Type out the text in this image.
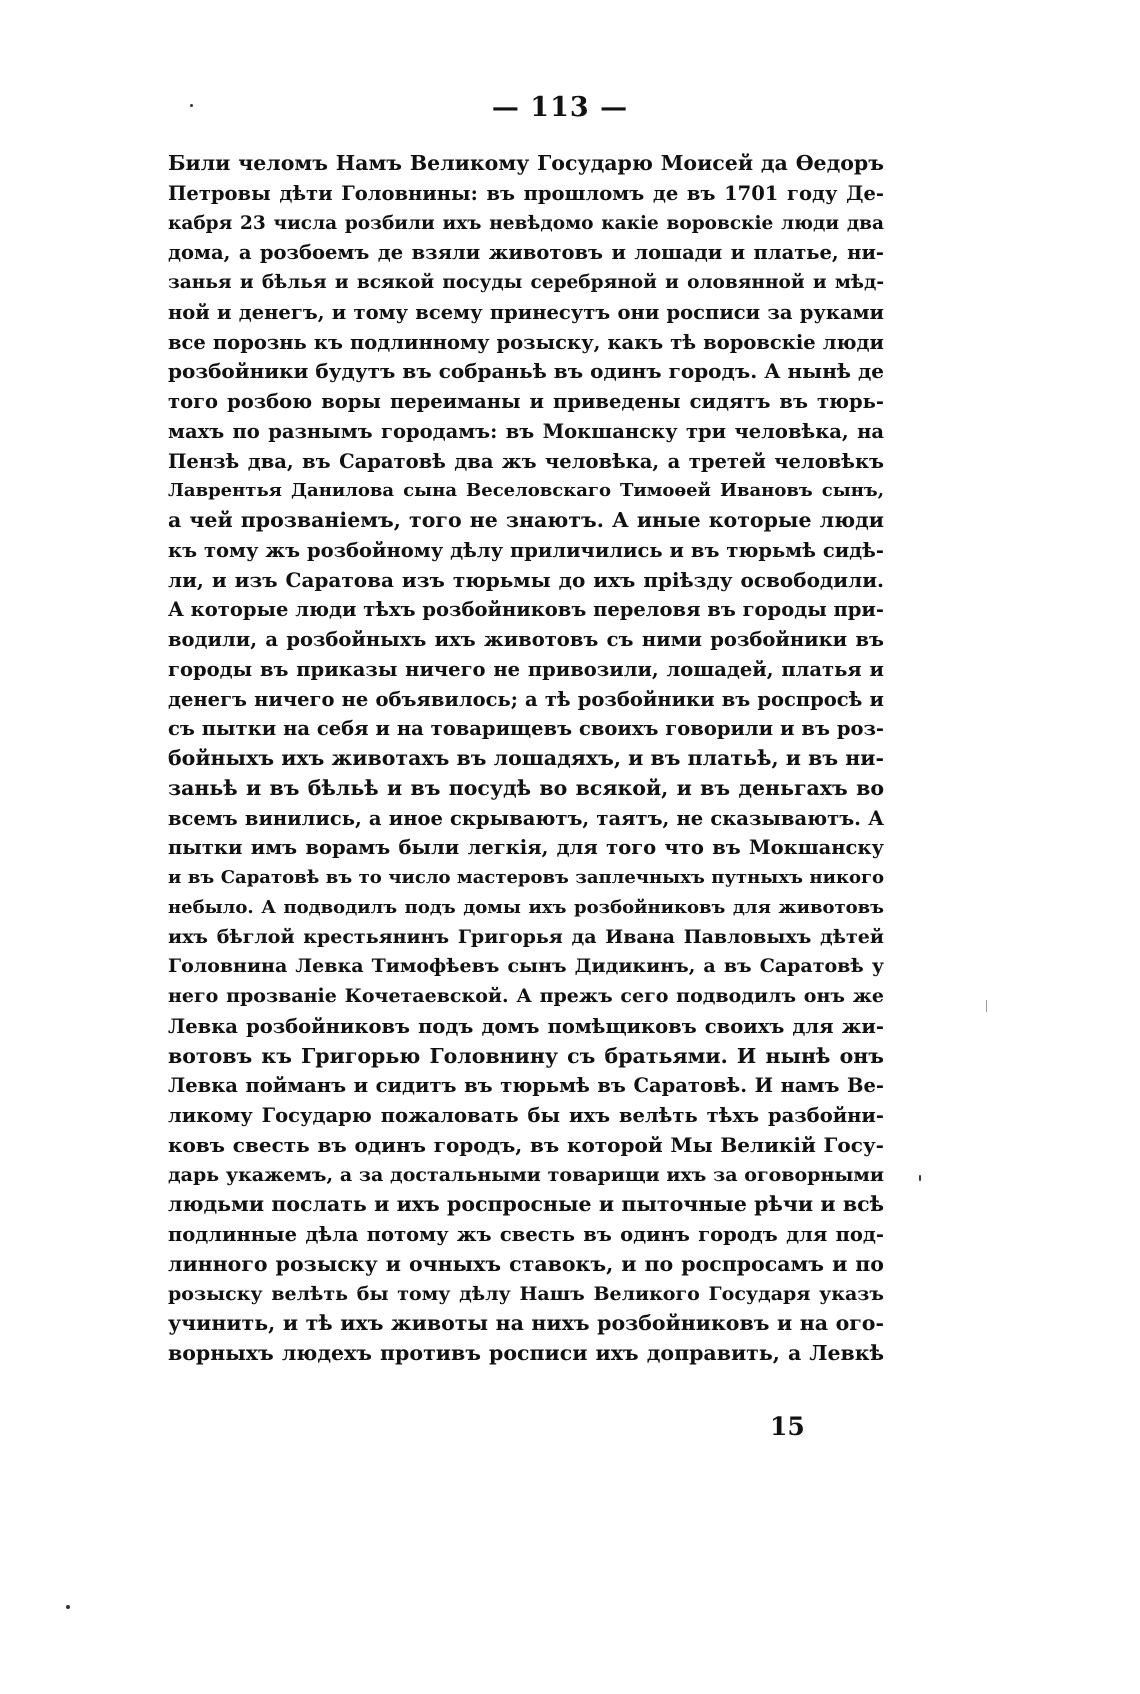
— 113 —
Били челомъ Намъ Великому Государю Моисей да Ѳедоръ
Петровы дѣти Головнины: въ прошломъ де въ 1701 году Де-
кабря 23 числа розбили ихъ невѣдомо какіе воровскіе люди два
дома, а розбоемъ де взяли животовъ и лошади и платье, ни-
занья и бѣлья и всякой посуды серебряной и оловянной и мѣд-
ной и денегъ, и тому всему принесутъ они росписи за руками
все порознь къ подлинному розыску, какъ тѣ воровскіе люди
розбойники будутъ въ собраньѣ въ одинъ городъ. А нынѣ де
того розбою воры переиманы и приведены сидятъ въ тюрь-
махъ по разнымъ городамъ: въ Мокшанску три человѣка, на
Пензѣ два, въ Саратовѣ два жъ человѣка, а третей человѣкъ
Лаврентья Данилова сына Веселовскаго Тимоѳей Ивановъ сынъ,
а чей прозваніемъ, того не знаютъ. А иные которые люди
къ тому жъ розбойному дѣлу приличились и въ тюрьмѣ сидѣ-
ли, и изъ Саратова изъ тюрьмы до ихъ пріѣзду освободили.
А которые люди тѣхъ розбойниковъ переловя въ городы при-
водили, а розбойныхъ ихъ животовъ съ ними розбойники въ
городы въ приказы ничего не привозили, лошадей, платья и
денегъ ничего не объявилось; а тѣ розбойники въ роспросѣ и
съ пытки на себя и на товарищевъ своихъ говорили и въ роз-
бойныхъ ихъ животахъ въ лошадяхъ, и въ платьѣ, и въ ни-
заньѣ и въ бѣльѣ и въ посудѣ во всякой, и въ деньгахъ во
всемъ винились, а иное скрываютъ, таятъ, не сказываютъ. А
пытки имъ ворамъ были легкія, для того что въ Мокшанску
и въ Саратовѣ въ то число мастеровъ заплечныхъ путныхъ никого
небыло. А подводилъ подъ домы ихъ розбойниковъ для животовъ
ихъ бѣглой крестьянинъ Григорья да Ивана Павловыхъ дѣтей
Головнина Левка Тимофѣевъ сынъ Дидикинъ, а въ Саратовѣ у
него прозваніе Кочетаевской. А прежъ сего подводилъ онъ же
Левка розбойниковъ подъ домъ помѣщиковъ своихъ для жи-
вотовъ къ Григорью Головнину съ братьями. И нынѣ онъ
Левка пойманъ и сидитъ въ тюрьмѣ въ Саратовѣ. И намъ Ве-
ликому Государю пожаловать бы ихъ велѣть тѣхъ разбойни-
ковъ свесть въ одинъ городъ, въ которой Мы Великій Госу-
дарь укажемъ, а за достальными товарищи ихъ за оговорными
людьми послать и ихъ роспросные и пыточные рѣчи и всѣ
подлинные дѣла потому жъ свесть въ одинъ городъ для под-
линного розыску и очныхъ ставокъ, и по роспросамъ и по
розыску велѣть бы тому дѣлу Нашъ Великого Государя указъ
учинить, и тѣ ихъ животы на нихъ розбойниковъ и на ого-
ворныхъ людехъ противъ росписи ихъ доправить, а Левкѣ
15
